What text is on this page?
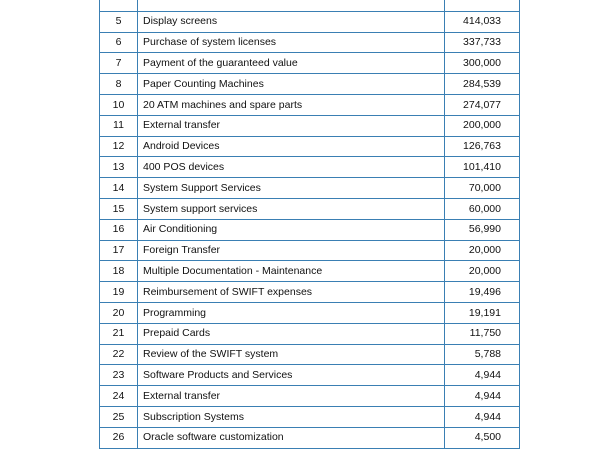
5	Display screens	414,033
6	Purchase of system licenses	337,733
7	Payment of the guaranteed value	300,000
8	Paper Counting Machines	284,539
10	20 ATM machines and spare parts	274,077
11	External transfer	200,000
12	Android Devices	126,763
13	400 POS devices	101,410
14	System Support Services	70,000
15	System support services	60,000
16	Air Conditioning	56,990
17	Foreign Transfer	20,000
18	Multiple Documentation - Maintenance	20,000
19	Reimbursement of SWIFT expenses	19,496
20	Programming	19,191
21	Prepaid Cards	11,750
22	Review of the SWIFT system	5,788
23	Software Products and Services	4,944
24	External transfer	4,944
25	Subscription Systems	4,944
26	Oracle software customization	4,500
